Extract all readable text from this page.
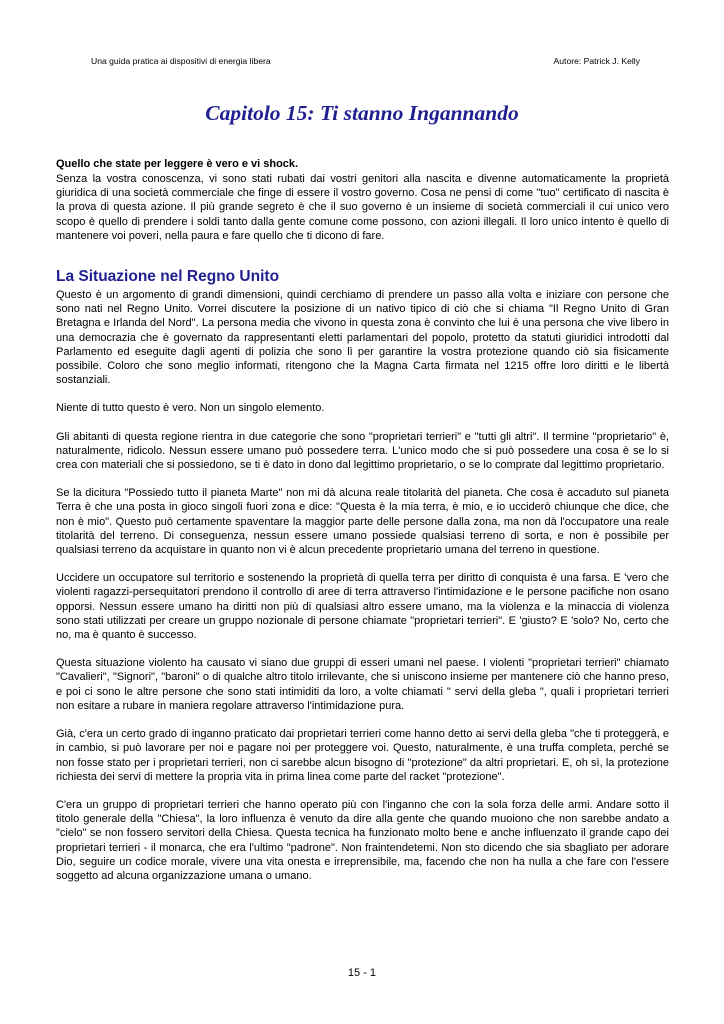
Una guida pratica ai dispositivi di energia libera	Autore: Patrick J. Kelly
Capitolo 15: Ti stanno Ingannando
Quello che state per leggere è vero e vi shock.

Senza la vostra conoscenza, vi sono stati rubati dai vostri genitori alla nascita e divenne automaticamente la proprietà giuridica di una società commerciale che finge di essere il vostro governo. Cosa ne pensi di come "tuo" certificato di nascita è la prova di questa azione. Il più grande segreto è che il suo governo è un insieme di società commerciali il cui unico vero scopo è quello di prendere i soldi tanto dalla gente comune come possono, con azioni illegali. Il loro unico intento è quello di mantenere voi poveri, nella paura e fare quello che ti dicono di fare.

La Situazione nel Regno Unito

Questo è un argomento di grandi dimensioni, quindi cerchiamo di prendere un passo alla volta e iniziare con persone che sono nati nel Regno Unito. Vorrei discutere la posizione di un nativo tipico di ciò che si chiama "Il Regno Unito di Gran Bretagna e Irlanda del Nord". La persona media che vivono in questa zona è convinto che lui è una persona che vive libero in una democrazia che è governato da rappresentanti eletti parlamentari del popolo, protetto da statuti giuridici introdotti dal Parlamento ed eseguite dagli agenti di polizia che sono lì per garantire la vostra protezione quando ciò sia fisicamente possibile. Coloro che sono meglio informati, ritengono che la Magna Carta firmata nel 1215 offre loro diritti e le libertà sostanziali.

Niente di tutto questo è vero. Non un singolo elemento.

Gli abitanti di questa regione rientra in due categorie che sono "proprietari terrieri" e "tutti gli altri". Il termine "proprietario" è, naturalmente, ridicolo. Nessun essere umano può possedere terra. L'unico modo che si può possedere una cosa è se lo si crea con materiali che si possiedono, se ti è dato in dono dal legittimo proprietario, o se lo comprate dal legittimo proprietario.

Se la dicitura "Possiedo tutto il pianeta Marte" non mi dà alcuna reale titolarità del pianeta. Che cosa è accaduto sul pianeta Terra è che una posta in gioco singoli fuori zona e dice: "Questa è la mia terra, è mio, e io ucciderò chiunque che dice, che non è mio". Questo può certamente spaventare la maggior parte delle persone dalla zona, ma non dà l'occupatore una reale titolarità del terreno. Di conseguenza, nessun essere umano possiede qualsiasi terreno di sorta, e non è possibile per qualsiasi terreno da acquistare in quanto non vi è alcun precedente proprietario umana del terreno in questione.

Uccidere un occupatore sul territorio e sostenendo la proprietà di quella terra per diritto di conquista è una farsa. E 'vero che violenti ragazzi-persequitatori prendono il controllo di aree di terra attraverso l'intimidazione e le persone pacifiche non osano opporsi. Nessun essere umano ha diritti non più di qualsiasi altro essere umano, ma la violenza e la minaccia di violenza sono stati utilizzati per creare un gruppo nozionale di persone chiamate "proprietari terrieri". E 'giusto? E 'solo? No, certo che no, ma è quanto è successo.

Questa situazione violento ha causato vi siano due gruppi di esseri umani nel paese. I violenti "proprietari terrieri" chiamato "Cavalieri", "Signori", "baroni" o di qualche altro titolo irrilevante, che si uniscono insieme per mantenere ciò che hanno preso, e poi ci sono le altre persone che sono stati intimiditi da loro, a volte chiamati " servi della gleba ", quali i proprietari terrieri non esitare a rubare in maniera regolare attraverso l'intimidazione pura.

Già, c'era un certo grado di inganno praticato dai proprietari terrieri come hanno detto ai servi della gleba "che ti proteggerà, e in cambio, si può lavorare per noi e pagare noi per proteggere voi. Questo, naturalmente, è una truffa completa, perché se non fosse stato per i proprietari terrieri, non ci sarebbe alcun bisogno di "protezione" da altri proprietari. E, oh sì, la protezione richiesta dei servi di mettere la propria vita in prima linea come parte del racket "protezione".

C'era un gruppo di proprietari terrieri che hanno operato più con l'inganno che con la sola forza delle armi. Andare sotto il titolo generale della "Chiesa", la loro influenza è venuto da dire alla gente che quando muoiono che non sarebbe andato a "cielo" se non fossero servitori della Chiesa. Questa tecnica ha funzionato molto bene e anche influenzato il grande capo dei proprietari terrieri - il monarca, che era l'ultimo "padrone". Non fraintendetemi. Non sto dicendo che sia sbagliato per adorare Dio, seguire un codice morale, vivere una vita onesta e irreprensibile, ma, facendo che non ha nulla a che fare con l'essere soggetto ad alcuna organizzazione umana o umano.

15 - 1
